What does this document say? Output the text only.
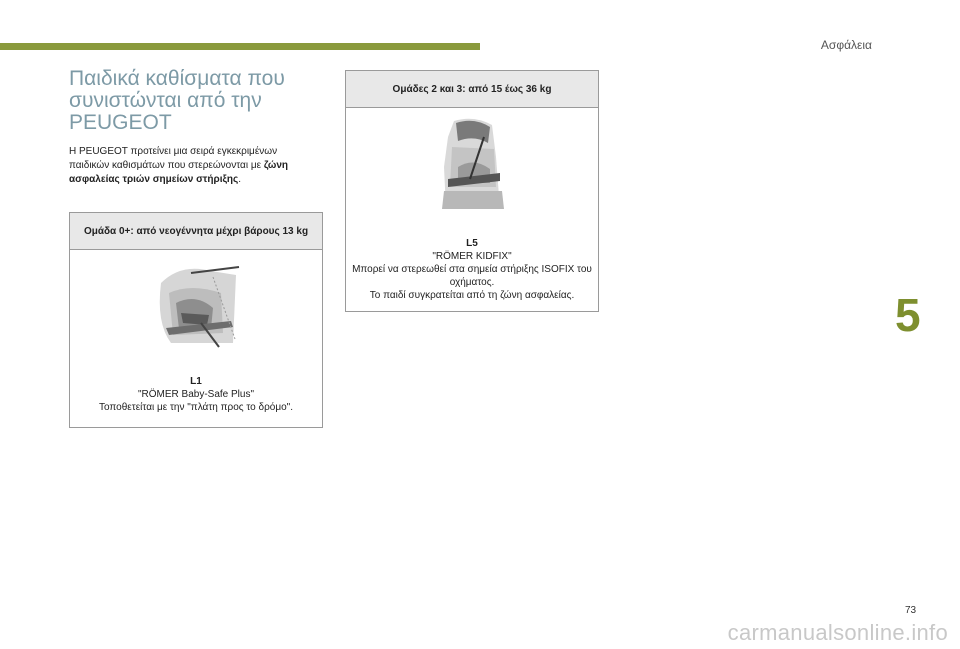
Ασφάλεια
Παιδικά καθίσματα που συνιστώνται από την PEUGEOT
Η PEUGEOT προτείνει μια σειρά εγκεκριμένων παιδικών καθισμάτων που στερεώνονται με ζώνη ασφαλείας τριών σημείων στήριξης.
Ομάδα 0+: από νεογέννητα μέχρι βάρους 13 kg
L1
"RÖMER Baby-Safe Plus"
Τοποθετείται με την "πλάτη προς το δρόμο".
Ομάδες 2 και 3: από 15 έως 36 kg
L5
"RÖMER KIDFIX"
Μπορεί να στερεωθεί στα σημεία στήριξης ISOFIX του οχήματος.
Το παιδί συγκρατείται από τη ζώνη ασφαλείας.	5
73
carmanualsonline.info
